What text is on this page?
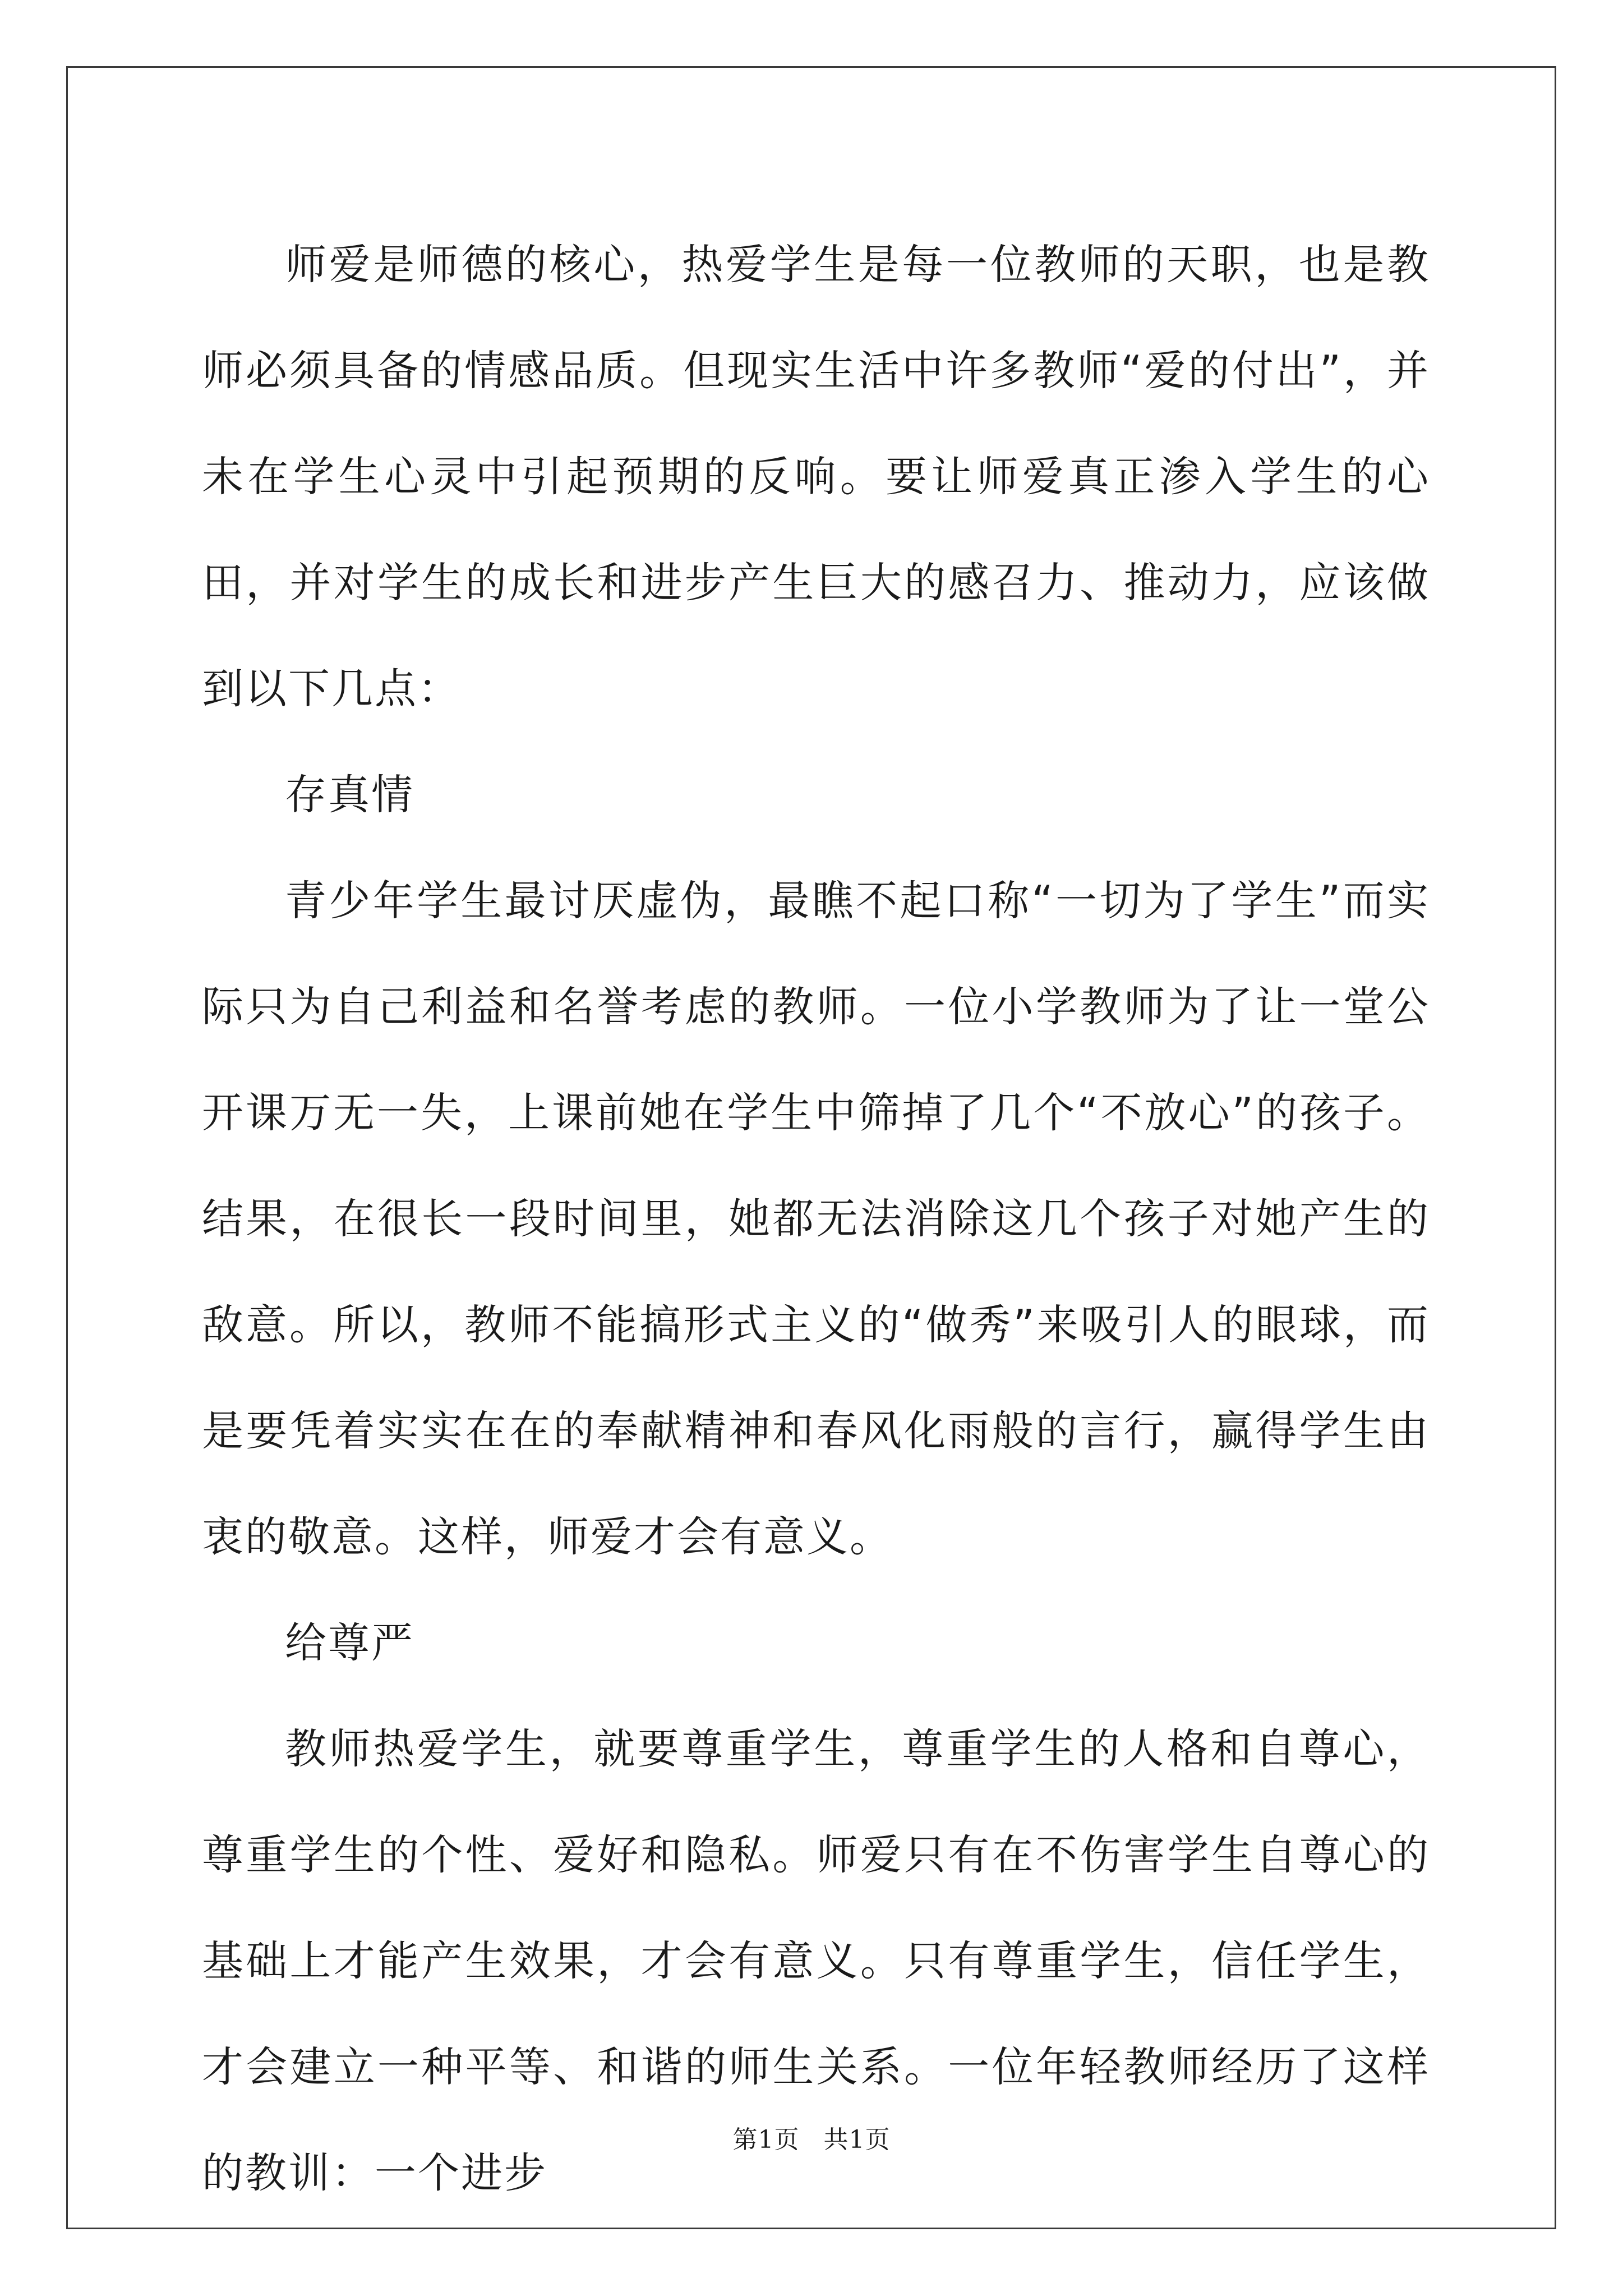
师爱是师德的核心，热爱学生是每一位教师的天职，也是教师必须具备的情感品质。但现实生活中许多教师“爱的付出”，并未在学生心灵中引起预期的反响。要让师爱真正渗入学生的心田，并对学生的成长和进步产生巨大的感召力、推动力，应该做到以下几点：

存真情

青少年学生最讨厌虚伪，最瞧不起口称“一切为了学生”而实际只为自己利益和名誉考虑的教师。一位小学教师为了让一堂公开课万无一失，上课前她在学生中筛掉了几个“不放心”的孩子。结果，在很长一段时间里，她都无法消除这几个孩子对她产生的敌意。所以，教师不能搞形式主义的“做秀”来吸引人的眼球，而是要凭着实实在在的奉献精神和春风化雨般的言行，赢得学生由衷的敬意。这样，师爱才会有意义。

给尊严

教师热爱学生，就要尊重学生，尊重学生的人格和自尊心，尊重学生的个性、爱好和隐私。师爱只有在不伤害学生自尊心的基础上才能产生效果，才会有意义。只有尊重学生，信任学生，才会建立一种平等、和谐的师生关系。一位年轻教师经历了这样的教训：一个进步

第1页 共1页
